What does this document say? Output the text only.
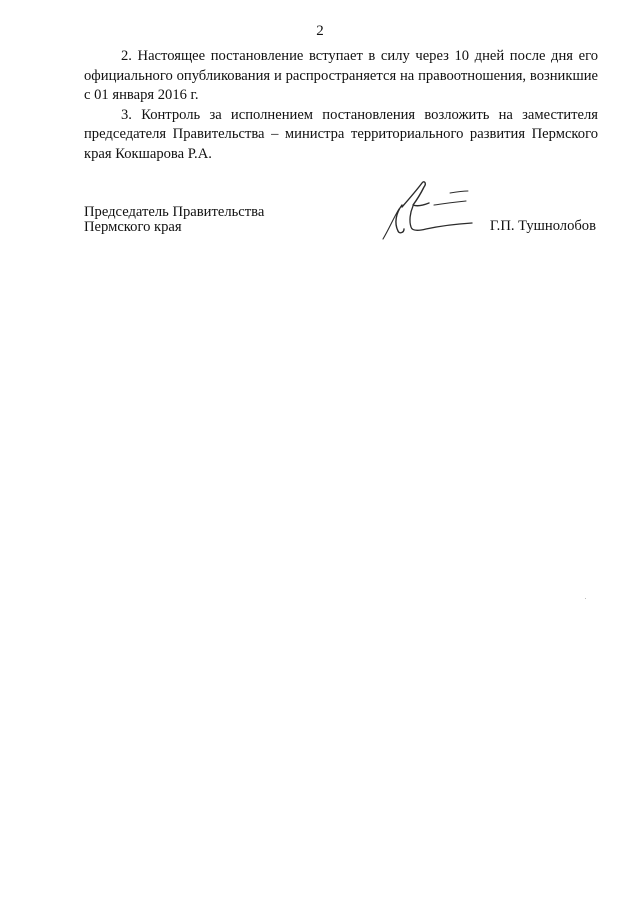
2

2. Настоящее постановление вступает в силу через 10 дней после дня его официального опубликования и распространяется на правоотношения, возникшие с 01 января 2016 г.

3. Контроль за исполнением постановления возложить на заместителя председателя Правительства – министра территориального развития Пермского края Кокшарова Р.А.

Председатель Правительства
Пермского края	Г.П. Тушнолобов
